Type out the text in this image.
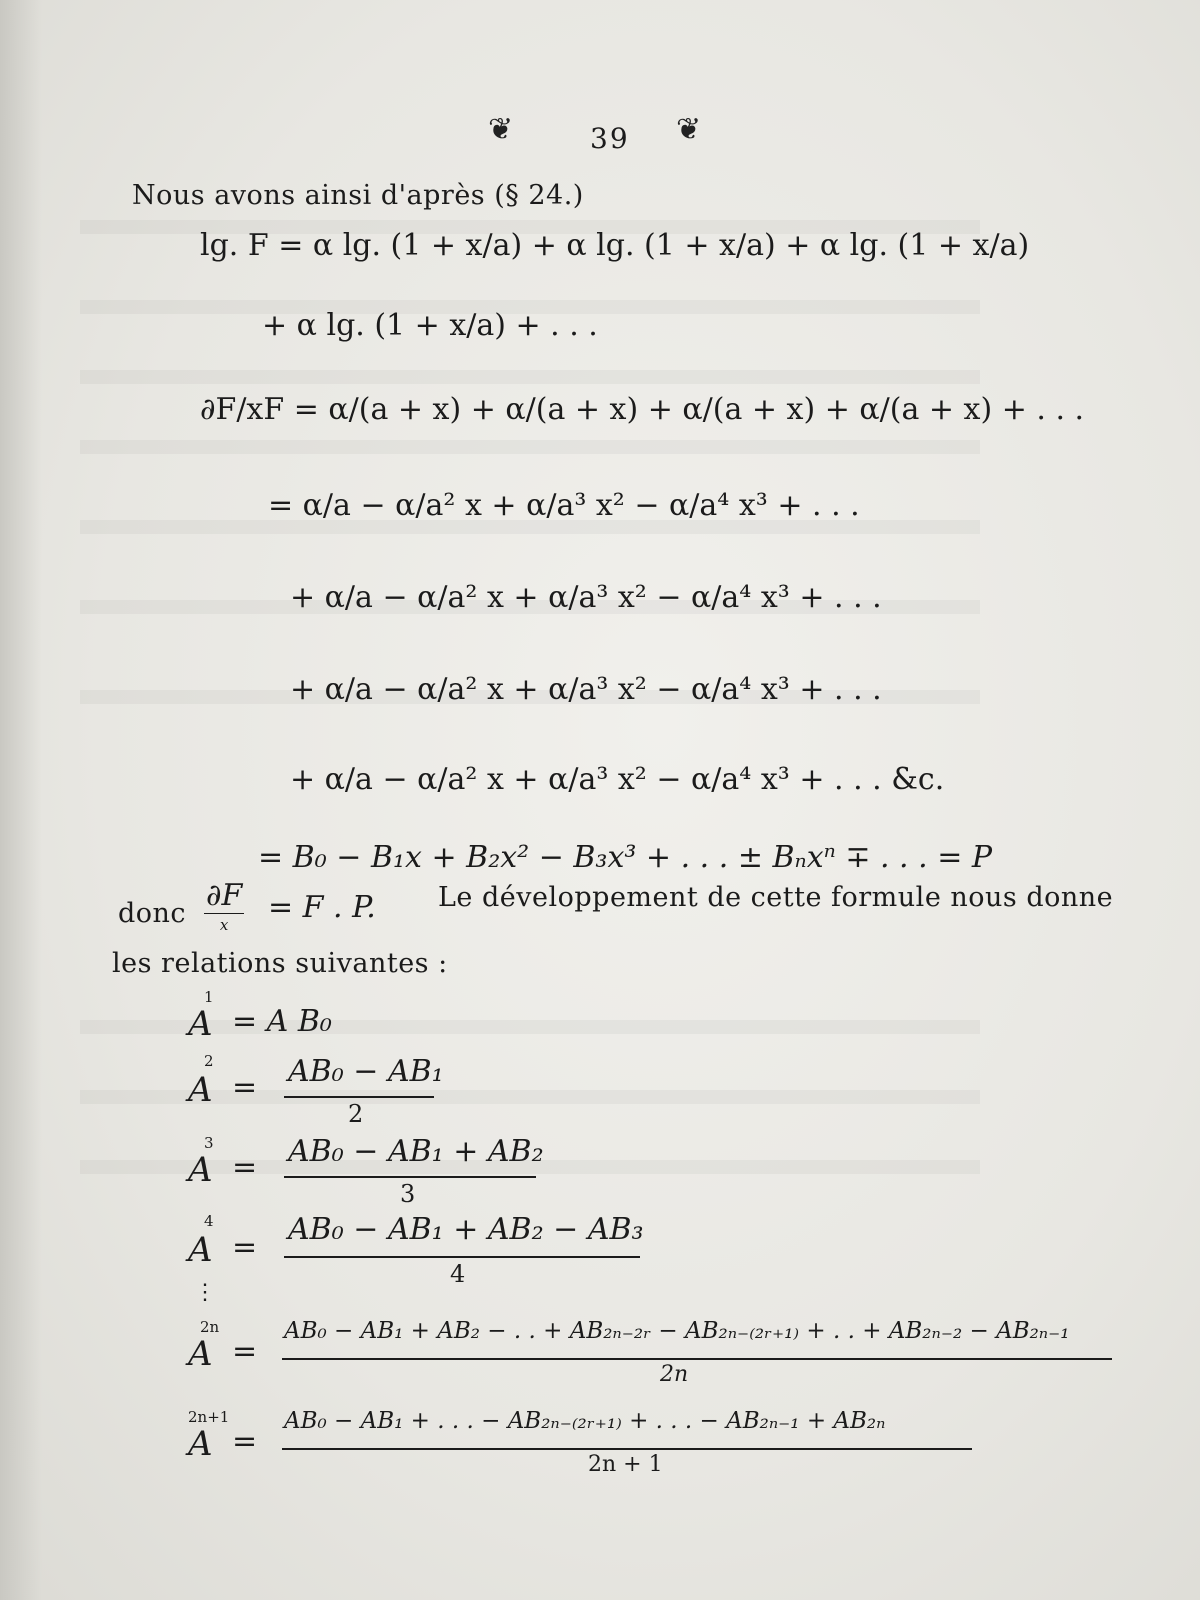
❦	39 ❦
Nous avons ainsi d'après (§ 24.)
lg. F = α lg. (1 + x/a) + α lg. (1 + x/a) + α lg. (1 + x/a)
+ α lg. (1 + x/a) + . . .
∂F/xF = α/(a + x) + α/(a + x) + α/(a + x) + α/(a + x) + . . .
= α/a − α/a² x + α/a³ x² − α/a⁴ x³ + . . .
+ α/a − α/a² x + α/a³ x² − α/a⁴ x³ + . . .
+ α/a − α/a² x + α/a³ x² − α/a⁴ x³ + . . .
+ α/a − α/a² x + α/a³ x² − α/a⁴ x³ + . . . &c.
= B₀ − B₁x + B₂x² − B₃x³ + . . . ± Bₙxⁿ ∓ . . . = P
donc $\frac{\partial F}{x} = F$ . P. Le développement de cette formule nous donne
les relations suivantes :
1
A = A B₀
2
A = AB₀ − AB₁
2
3
A = AB₀ − AB₁ + AB₂
3
4
A =
AB₀ − AB₁ + AB₂ − AB₃
4
⋮
2n
A =
AB₀ − AB₁ + AB₂ − . . + AB₂ₙ₋₂ᵣ − AB₂ₙ₋₍₂ᵣ₊₁₎ + . . + AB₂ₙ₋₂ − AB₂ₙ₋₁
2n
2n+1
A =
AB₀ − AB₁ + . . . − AB₂ₙ₋₍₂ᵣ₊₁₎ + . . . − AB₂ₙ₋₁ + AB₂ₙ
2n + 1
